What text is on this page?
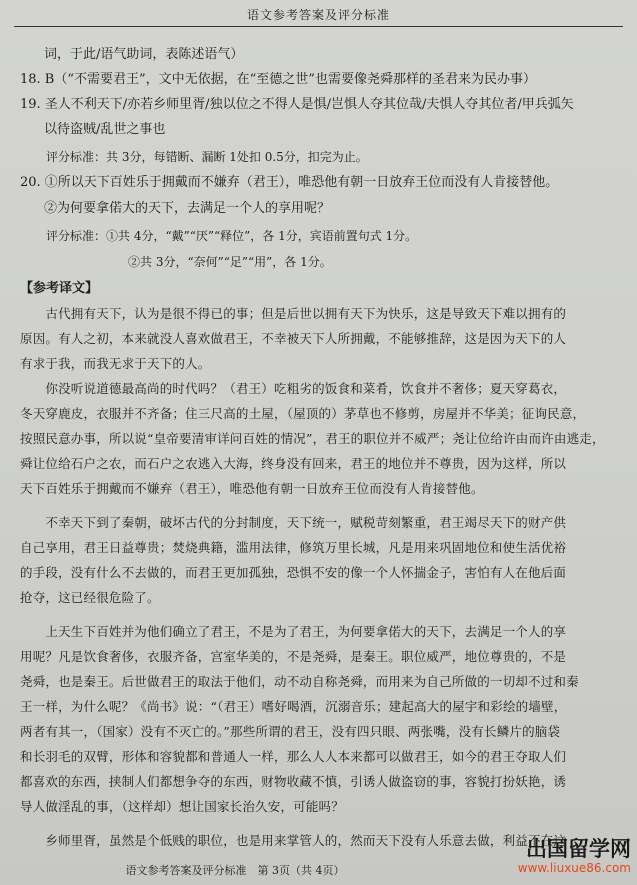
语文参考答案及评分标准
词，于此/语气助词，表陈述语气）
18. B（“不需要君王”，文中无依据，在“至德之世”也需要像尧舜那样的圣君来为民办事）
19. 圣人不利天下/亦若乡师里胥/独以位之不得人是惧/岂惧人夺其位哉/夫惧人夺其位者/甲兵弧矢
以待盗贼/乱世之事也
评分标准：共 3分，每错断、漏断 1处扣 0.5分，扣完为止。
20. ①所以天下百姓乐于拥戴而不嫌弃（君王），唯恐他有朝一日放弃王位而没有人肯接替他。
②为何要拿偌大的天下，去满足一个人的享用呢？
评分标准：①共 4分，“戴”“厌”“释位”，各 1分，宾语前置句式 1分。
②共 3分，“奈何”“足”“用”，各 1分。
【参考译文】
　　古代拥有天下，认为是很不得已的事；但是后世以拥有天下为快乐，这是导致天下难以拥有的
原因。有人之初，本来就没人喜欢做君王，不幸被天下人所拥戴，不能够推辞，这是因为天下的人
有求于我，而我无求于天下的人。
　　你没听说道德最高尚的时代吗？（君王）吃粗劣的饭食和菜肴，饮食并不奢侈；夏天穿葛衣，
冬天穿鹿皮，衣服并不齐备；住三尺高的土屋，（屋顶的）茅草也不修剪，房屋并不华美；征询民意，
按照民意办事，所以说“皇帝要清审详问百姓的情况”，君王的职位并不威严；尧让位给许由而许由逃走，
舜让位给石户之农，而石户之农逃入大海，终身没有回来，君王的地位并不尊贵，因为这样，所以
天下百姓乐于拥戴而不嫌弃（君王），唯恐他有朝一日放弃王位而没有人肯接替他。
　　不幸天下到了秦朝，破坏古代的分封制度，天下统一，赋税苛刻繁重，君王竭尽天下的财产供
自己享用，君王日益尊贵；焚烧典籍，滥用法律，修筑万里长城，凡是用来巩固地位和使生活优裕
的手段，没有什么不去做的，而君王更加孤独，恐惧不安的像一个人怀揣金子，害怕有人在他后面
抢夺，这已经很危险了。
　　上天生下百姓并为他们确立了君王，不是为了君王，为何要拿偌大的天下，去满足一个人的享
用呢？凡是饮食奢侈，衣服齐备，宫室华美的，不是尧舜，是秦王。职位威严，地位尊贵的，不是
尧舜，也是秦王。后世做君王的取法于他们，动不动自称尧舜，而用来为自己所做的一切却不过和秦
王一样，为什么呢？《尚书》说：“（君王）嗜好喝酒，沉溺音乐；建起高大的屋宇和彩绘的墙壁，
两者有其一，（国家）没有不灭亡的。”那些所谓的君王，没有四只眼、两张嘴，没有长鳞片的脑袋
和长羽毛的双臂，形体和容貌都和普通人一样，那么人人本来都可以做君王，如今的君王夺取人们
都喜欢的东西，挟制人们都想争夺的东西，财物收藏不慎，引诱人做盗窃的事，容貌打扮妖艳，诱
导人做淫乱的事，（这样却）想让国家长治久安，可能吗？
　　乡师里胥，虽然是个低贱的职位，也是用来掌管人的，然而天下没有人乐意去做，利益不在这
语文参考答案及评分标准　第 3页（共 4页）
出国留学网
www.liuxue86.com
